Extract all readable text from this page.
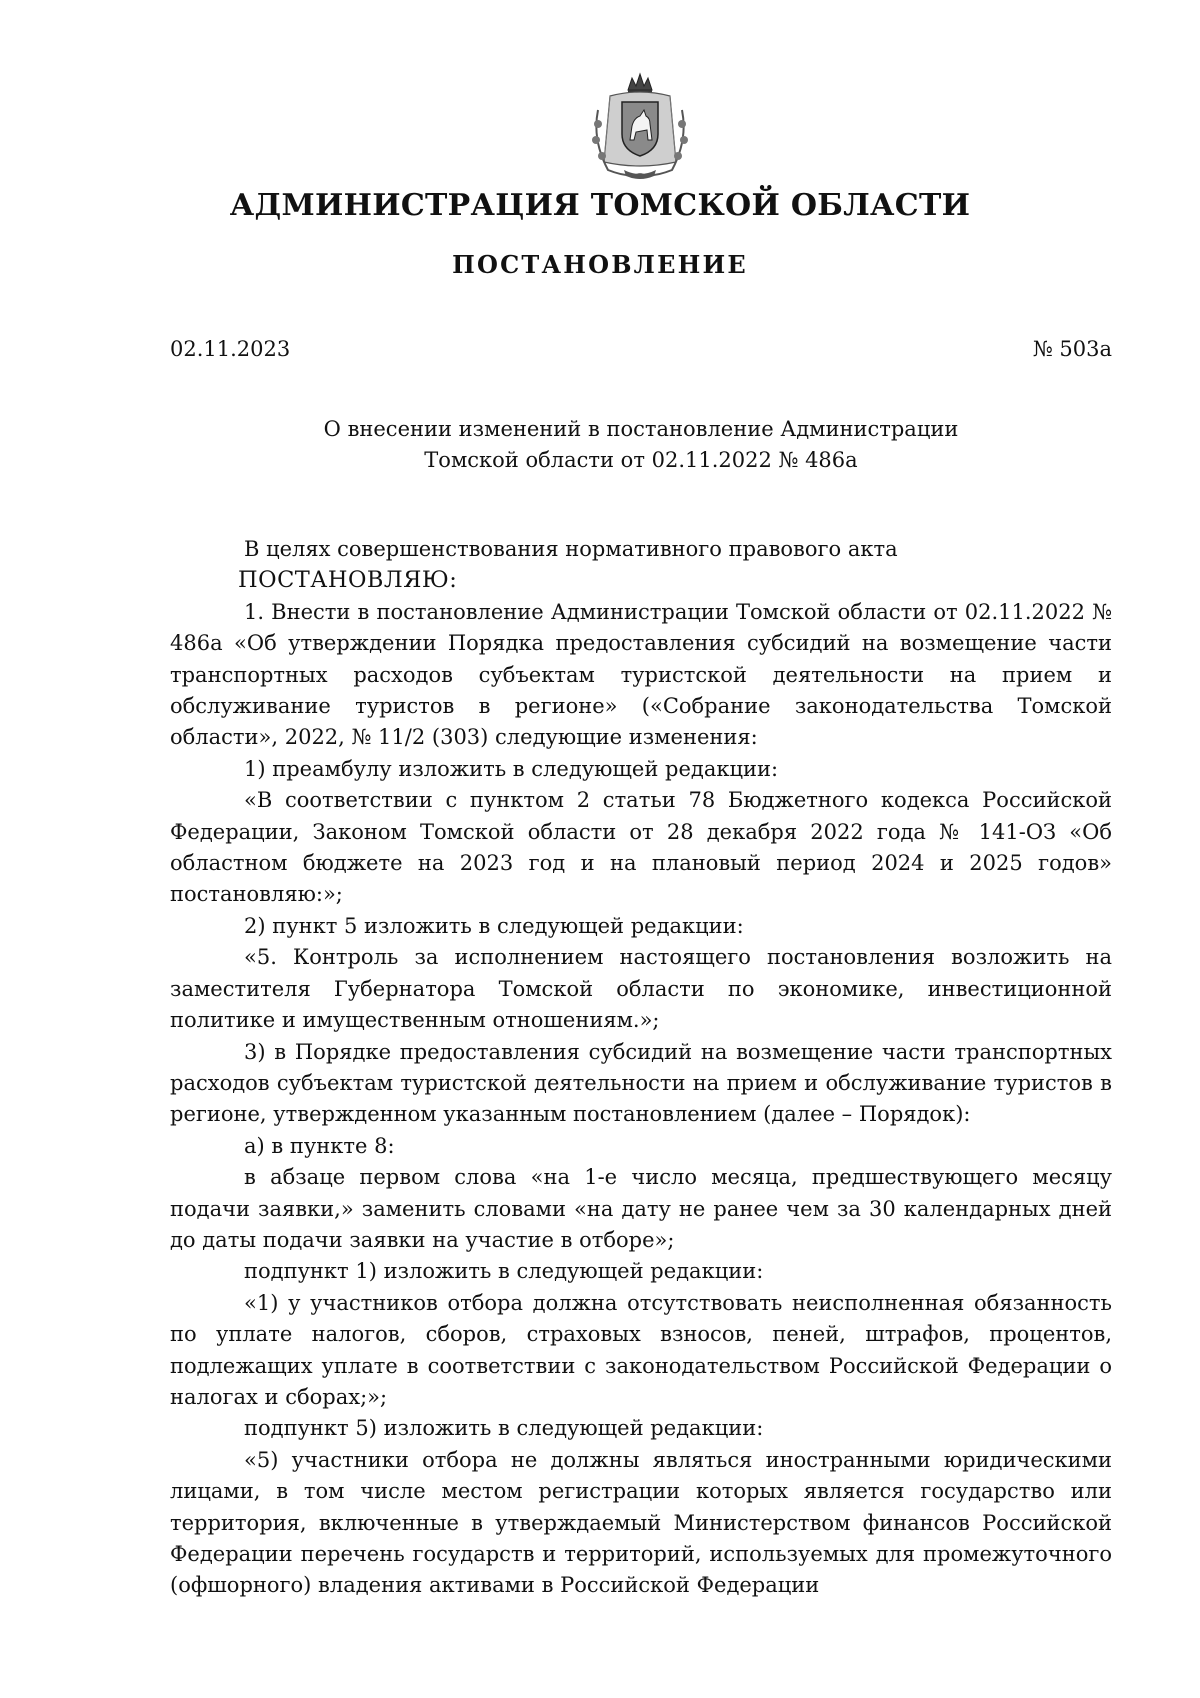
АДМИНИСТРАЦИЯ ТОМСКОЙ ОБЛАСТИ
ПОСТАНОВЛЕНИЕ
02.11.2023	№ 503а
О внесении изменений в постановление Администрации
Томской области от 02.11.2022 № 486а

В целях совершенствования нормативного правового акта

ПОСТАНОВЛЯЮ:

1. Внести в постановление Администрации Томской области от 02.11.2022 № 486а «Об утверждении Порядка предоставления субсидий на возмещение части транспортных расходов субъектам туристской деятельности на прием и обслуживание туристов в регионе» («Собрание законодательства Томской области», 2022, № 11/2 (303) следующие изменения:

1) преамбулу изложить в следующей редакции:

«В соответствии с пунктом 2 статьи 78 Бюджетного кодекса Российской Федерации, Законом Томской области от 28 декабря 2022 года № 141-ОЗ «Об областном бюджете на 2023 год и на плановый период 2024 и 2025 годов» постановляю:»;

2) пункт 5 изложить в следующей редакции:

«5. Контроль за исполнением настоящего постановления возложить на заместителя Губернатора Томской области по экономике, инвестиционной политике и имущественным отношениям.»;

3) в Порядке предоставления субсидий на возмещение части транспортных расходов субъектам туристской деятельности на прием и обслуживание туристов в регионе, утвержденном указанным постановлением (далее – Порядок):

а) в пункте 8:

в абзаце первом слова «на 1-е число месяца, предшествующего месяцу подачи заявки,» заменить словами «на дату не ранее чем за 30 календарных дней до даты подачи заявки на участие в отборе»;

подпункт 1) изложить в следующей редакции:

«1) у участников отбора должна отсутствовать неисполненная обязанность по уплате налогов, сборов, страховых взносов, пеней, штрафов, процентов, подлежащих уплате в соответствии с законодательством Российской Федерации о налогах и сборах;»;

подпункт 5) изложить в следующей редакции:

«5) участники отбора не должны являться иностранными юридическими лицами, в том числе местом регистрации которых является государство или территория, включенные в утверждаемый Министерством финансов Российской Федерации перечень государств и территорий, используемых для промежуточного (офшорного) владения активами в Российской Федерации
